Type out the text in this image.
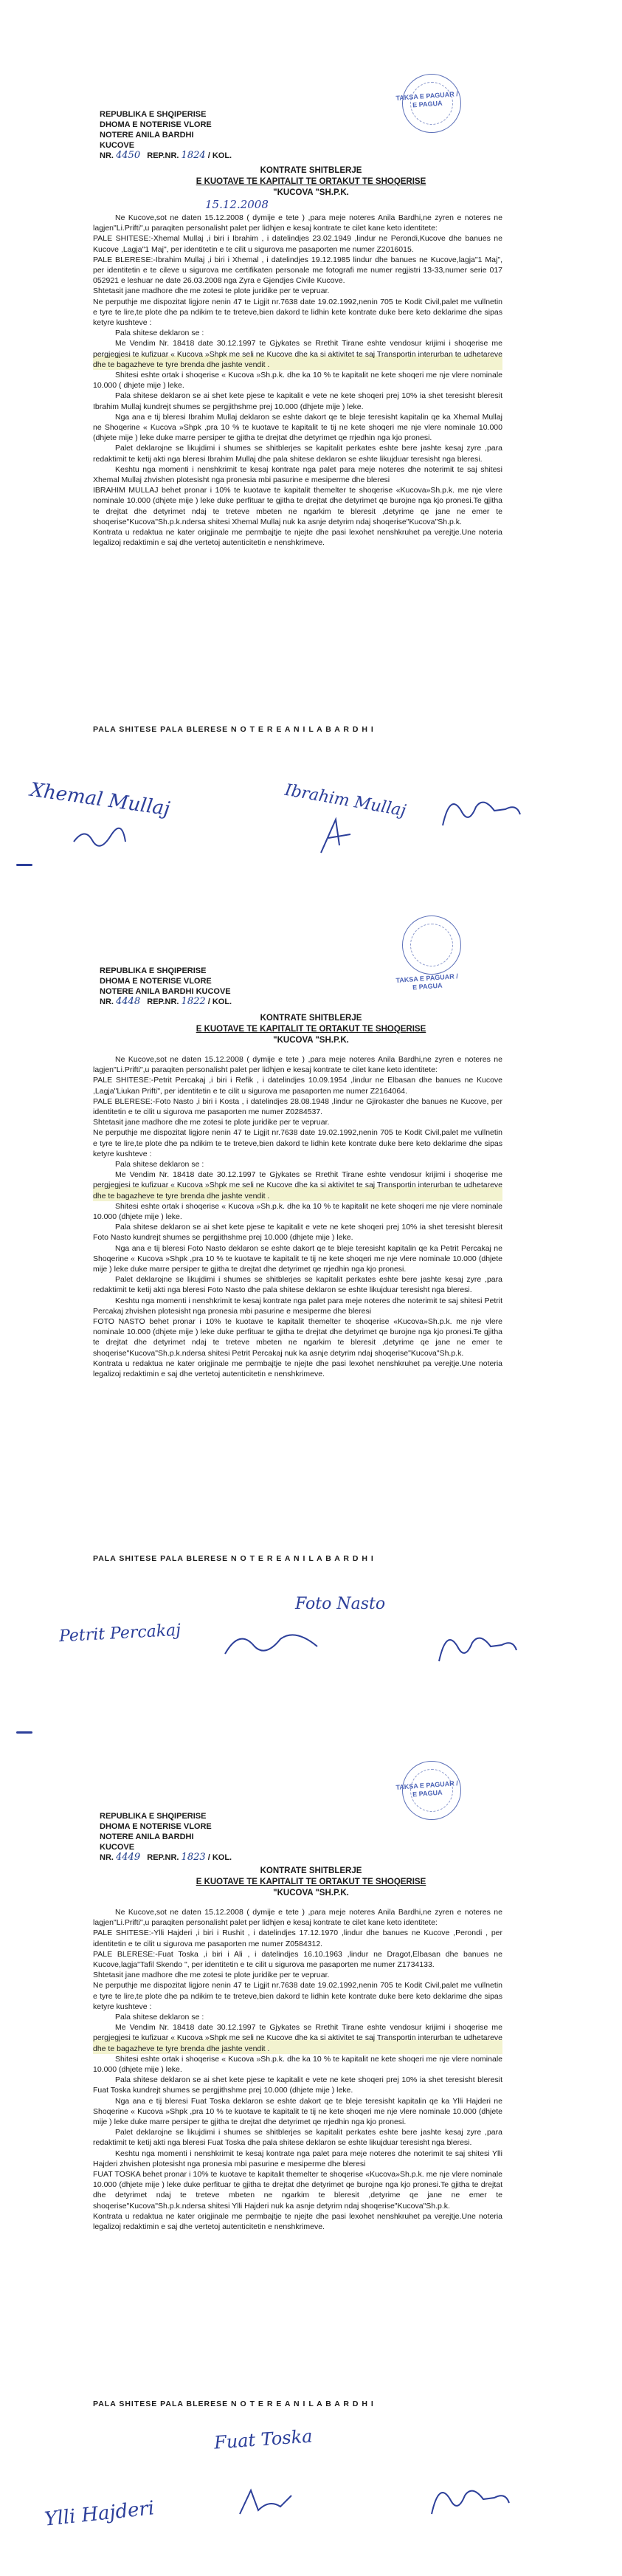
TAKSA E PAGUAR / E PAGUA
REPUBLIKA E SHQIPERISE
DHOMA E NOTERISE VLORE
NOTERE ANILA BARDHI
KUCOVE
NR. 4450 REP.NR. 1824 / KOL.
KONTRATE SHITBLERJE
E KUOTAVE TE KAPITALIT TE ORTAKUT TE SHOQERISE
"KUCOVA "SH.P.K.
15.12.2008

Ne Kucove,sot ne daten 15.12.2008 ( dymije e tete ) ,para meje noteres Anila Bardhi,ne zyren e noteres ne lagjen"Li.Prifti",u paraqiten personalisht palet per lidhjen e kesaj kontrate te cilet kane keto identitete:

PALE SHITESE:-Xhemal Mullaj ,i biri i Ibrahim , i datelindjes 23.02.1949 ,lindur ne Perondi,Kucove dhe banues ne Kucove ,Lagja"1 Maj", per identitetin e te cilit u sigurova me pasaporten me numer Z2016015.

PALE BLERESE:-Ibrahim Mullaj ,i biri i Xhemal , i datelindjes 19.12.1985 lindur dhe banues ne Kucove,lagja"1 Maj", per identitetin e te cileve u sigurova me certifikaten personale me fotografi me numer regjistri 13-33,numer serie 017 052921 e leshuar ne date 26.03.2008 nga Zyra e Gjendjes Civile Kucove.

Shtetasit jane madhore dhe me zotesi te plote juridike per te vepruar.

Ne perputhje me dispozitat ligjore nenin 47 te Ligjit nr.7638 date 19.02.1992,nenin 705 te Kodit Civil,palet me vullnetin e tyre te lire,te plote dhe pa ndikim te te treteve,bien dakord te lidhin kete kontrate duke bere keto deklarime dhe sipas ketyre kushteve :

Pala shitese deklaron se :

Me Vendim Nr. 18418 date 30.12.1997 te Gjykates se Rrethit Tirane eshte vendosur krijimi i shoqerise me pergjegjesi te kufizuar « Kucova »Shpk me seli ne Kucove dhe ka si aktivitet te saj Transportin interurban te udhetareve dhe te bagazheve te tyre brenda dhe jashte vendit .

Shitesi eshte ortak i shoqerise « Kucova »Sh.p.k. dhe ka 10 % te kapitalit ne kete shoqeri me nje vlere nominale 10.000 ( dhjete mije ) leke.

Pala shitese deklaron se ai shet kete pjese te kapitalit e vete ne kete shoqeri prej 10% ia shet teresisht bleresit Ibrahim Mullaj kundrejt shumes se pergjithshme prej 10.000 (dhjete mije ) leke.

Nga ana e tij bleresi Ibrahim Mullaj deklaron se eshte dakort qe te bleje teresisht kapitalin qe ka Xhemal Mullaj ne Shoqerine « Kucova »Shpk ,pra 10 % te kuotave te kapitalit te tij ne kete shoqeri me nje vlere nominale 10.000 (dhjete mije ) leke duke marre persiper te gjitha te drejtat dhe detyrimet qe rrjedhin nga kjo pronesi.

Palet deklarojne se likujdimi i shumes se shitblerjes se kapitalit perkates eshte bere jashte kesaj zyre ,para redaktimit te ketij akti nga bleresi Ibrahim Mullaj dhe pala shitese deklaron se eshte likujduar teresisht nga bleresi.

Keshtu nga momenti i nenshkrimit te kesaj kontrate nga palet para meje noteres dhe noterimit te saj shitesi Xhemal Mullaj zhvishen plotesisht nga pronesia mbi pasurine e mesiperme dhe bleresi

IBRAHIM MULLAJ behet pronar i 10% te kuotave te kapitalit themelter te shoqerise «Kucova»Sh.p.k. me nje vlere nominale 10.000 (dhjete mije ) leke duke perfituar te gjitha te drejtat dhe detyrimet qe burojne nga kjo pronesi.Te gjitha te drejtat dhe detyrimet ndaj te treteve mbeten ne ngarkim te bleresit ,detyrime qe jane ne emer te shoqerise"Kucova"Sh.p.k.ndersa shitesi Xhemal Mullaj nuk ka asnje detyrim ndaj shoqerise"Kucova"Sh.p.k.

Kontrata u redaktua ne kater origjinale me permbajtje te njejte dhe pasi lexohet nenshkruhet pa verejtje.Une noteria legalizoj redaktimin e saj dhe vertetoj autenticitetin e nenshkrimeve.

PALA SHITESE PALA BLERESE N O T E R E A N I L A B A R D H I
Xhemal Mullaj	Ibrahim Mullaj
TAKSA E PAGUAR / E PAGUA
REPUBLIKA E SHQIPERISE
DHOMA E NOTERISE VLORE
NOTERE ANILA BARDHI KUCOVE
NR. 4448 REP.NR. 1822 / KOL.
KONTRATE SHITBLERJE
E KUOTAVE TE KAPITALIT TE ORTAKUT TE SHOQERISE
"KUCOVA "SH.P.K.

Ne Kucove,sot ne daten 15.12.2008 ( dymije e tete ) ,para meje noteres Anila Bardhi,ne zyren e noteres ne lagjen"Li.Prifti",u paraqiten personalisht palet per lidhjen e kesaj kontrate te cilet kane keto identitete:

PALE SHITESE:-Petrit Percakaj ,i biri i Refik , i datelindjes 10.09.1954 ,lindur ne Elbasan dhe banues ne Kucove ,Lagja"Liukan Prifti", per identitetin e te cilit u sigurova me pasaporten me numer Z2164064.

PALE BLERESE:-Foto Nasto ,i biri i Kosta , i datelindjes 28.08.1948 ,lindur ne Gjirokaster dhe banues ne Kucove, per identitetin e te cilit u sigurova me pasaporten me numer Z0284537.

Shtetasit jane madhore dhe me zotesi te plote juridike per te vepruar.

Ne perputhje me dispozitat ligjore nenin 47 te Ligjit nr.7638 date 19.02.1992,nenin 705 te Kodit Civil,palet me vullnetin e tyre te lire,te plote dhe pa ndikim te te treteve,bien dakord te lidhin kete kontrate duke bere keto deklarime dhe sipas ketyre kushteve :

Pala shitese deklaron se :

Me Vendim Nr. 18418 date 30.12.1997 te Gjykates se Rrethit Tirane eshte vendosur krijimi i shoqerise me pergjegjesi te kufizuar « Kucova »Shpk me seli ne Kucove dhe ka si aktivitet te saj Transportin interurban te udhetareve dhe te bagazheve te tyre brenda dhe jashte vendit .

Shitesi eshte ortak i shoqerise « Kucova »Sh.p.k. dhe ka 10 % te kapitalit ne kete shoqeri me nje vlere nominale 10.000 (dhjete mije ) leke.

Pala shitese deklaron se ai shet kete pjese te kapitalit e vete ne kete shoqeri prej 10% ia shet teresisht bleresit Foto Nasto kundrejt shumes se pergjithshme prej 10.000 (dhjete mije ) leke.

Nga ana e tij bleresi Foto Nasto deklaron se eshte dakort qe te bleje teresisht kapitalin qe ka Petrit Percakaj ne Shoqerine « Kucova »Shpk ,pra 10 % te kuotave te kapitalit te tij ne kete shoqeri me nje vlere nominale 10.000 (dhjete mije ) leke duke marre persiper te gjitha te drejtat dhe detyrimet qe rrjedhin nga kjo pronesi.

Palet deklarojne se likujdimi i shumes se shitblerjes se kapitalit perkates eshte bere jashte kesaj zyre ,para redaktimit te ketij akti nga bleresi Foto Nasto dhe pala shitese deklaron se eshte likujduar teresisht nga bleresi.

Keshtu nga momenti i nenshkrimit te kesaj kontrate nga palet para meje noteres dhe noterimit te saj shitesi Petrit Percakaj zhvishen plotesisht nga pronesia mbi pasurine e mesiperme dhe bleresi

FOTO NASTO behet pronar i 10% te kuotave te kapitalit themelter te shoqerise «Kucova»Sh.p.k. me nje vlere nominale 10.000 (dhjete mije ) leke duke perfituar te gjitha te drejtat dhe detyrimet qe burojne nga kjo pronesi.Te gjitha te drejtat dhe detyrimet ndaj te treteve mbeten ne ngarkim te bleresit ,detyrime qe jane ne emer te shoqerise"Kucova"Sh.p.k.ndersa shitesi Petrit Percakaj nuk ka asnje detyrim ndaj shoqerise"Kucova"Sh.p.k.

Kontrata u redaktua ne kater origjinale me permbajtje te njejte dhe pasi lexohet nenshkruhet pa verejtje.Une noteria legalizoj redaktimin e saj dhe vertetoj autenticitetin e nenshkrimeve.

PALA SHITESE PALA BLERESE N O T E R E A N I L A B A R D H I
Foto Nasto
Petrit Percakaj
TAKSA E PAGUAR / E PAGUA
REPUBLIKA E SHQIPERISE
DHOMA E NOTERISE VLORE
NOTERE ANILA BARDHI
KUCOVE
NR. 4449 REP.NR. 1823 / KOL.
KONTRATE SHITBLERJE
E KUOTAVE TE KAPITALIT TE ORTAKUT TE SHOQERISE
"KUCOVA "SH.P.K.

Ne Kucove,sot ne daten 15.12.2008 ( dymije e tete ) ,para meje noteres Anila Bardhi,ne zyren e noteres ne lagjen"Li.Prifti",u paraqiten personalisht palet per lidhjen e kesaj kontrate te cilet kane keto identitete:

PALE SHITESE:-Ylli Hajderi ,i biri i Rushit , i datelindjes 17.12.1970 ,lindur dhe banues ne Kucove ,Perondi , per identitetin e te cilit u sigurova me pasaporten me numer Z0584312.

PALE BLERESE:-Fuat Toska ,i biri i Ali , i datelindjes 16.10.1963 ,lindur ne Dragot,Elbasan dhe banues ne Kucove,lagja"Tafil Skendo ", per identitetin e te cilit u sigurova me pasaporten me numer Z1734133.

Shtetasit jane madhore dhe me zotesi te plote juridike per te vepruar.

Ne perputhje me dispozitat ligjore nenin 47 te Ligjit nr.7638 date 19.02.1992,nenin 705 te Kodit Civil,palet me vullnetin e tyre te lire,te plote dhe pa ndikim te te treteve,bien dakord te lidhin kete kontrate duke bere keto deklarime dhe sipas ketyre kushteve :

Pala shitese deklaron se :

Me Vendim Nr. 18418 date 30.12.1997 te Gjykates se Rrethit Tirane eshte vendosur krijimi i shoqerise me pergjegjesi te kufizuar « Kucova »Shpk me seli ne Kucove dhe ka si aktivitet te saj Transportin interurban te udhetareve dhe te bagazheve te tyre brenda dhe jashte vendit .

Shitesi eshte ortak i shoqerise « Kucova »Sh.p.k. dhe ka 10 % te kapitalit ne kete shoqeri me nje vlere nominale 10.000 (dhjete mije ) leke.

Pala shitese deklaron se ai shet kete pjese te kapitalit e vete ne kete shoqeri prej 10% ia shet teresisht bleresit Fuat Toska kundrejt shumes se pergjithshme prej 10.000 (dhjete mije ) leke.

Nga ana e tij bleresi Fuat Toska deklaron se eshte dakort qe te bleje teresisht kapitalin qe ka Ylli Hajderi ne Shoqerine « Kucova »Shpk ,pra 10 % te kuotave te kapitalit te tij ne kete shoqeri me nje vlere nominale 10.000 (dhjete mije ) leke duke marre persiper te gjitha te drejtat dhe detyrimet qe rrjedhin nga kjo pronesi.

Palet deklarojne se likujdimi i shumes se shitblerjes se kapitalit perkates eshte bere jashte kesaj zyre ,para redaktimit te ketij akti nga bleresi Fuat Toska dhe pala shitese deklaron se eshte likujduar teresisht nga bleresi.

Keshtu nga momenti i nenshkrimit te kesaj kontrate nga palet para meje noteres dhe noterimit te saj shitesi Ylli Hajderi zhvishen plotesisht nga pronesia mbi pasurine e mesiperme dhe bleresi

FUAT TOSKA behet pronar i 10% te kuotave te kapitalit themelter te shoqerise «Kucova»Sh.p.k. me nje vlere nominale 10.000 (dhjete mije ) leke duke perfituar te gjitha te drejtat dhe detyrimet qe burojne nga kjo pronesi.Te gjitha te drejtat dhe detyrimet ndaj te treteve mbeten ne ngarkim te bleresit ,detyrime qe jane ne emer te shoqerise"Kucova"Sh.p.k.ndersa shitesi Ylli Hajderi nuk ka asnje detyrim ndaj shoqerise"Kucova"Sh.p.k.

Kontrata u redaktua ne kater origjinale me permbajtje te njejte dhe pasi lexohet nenshkruhet pa verejtje.Une noteria legalizoj redaktimin e saj dhe vertetoj autenticitetin e nenshkrimeve.

PALA SHITESE PALA BLERESE N O T E R E A N I L A B A R D H I
Fuat Toska
Ylli Hajderi
